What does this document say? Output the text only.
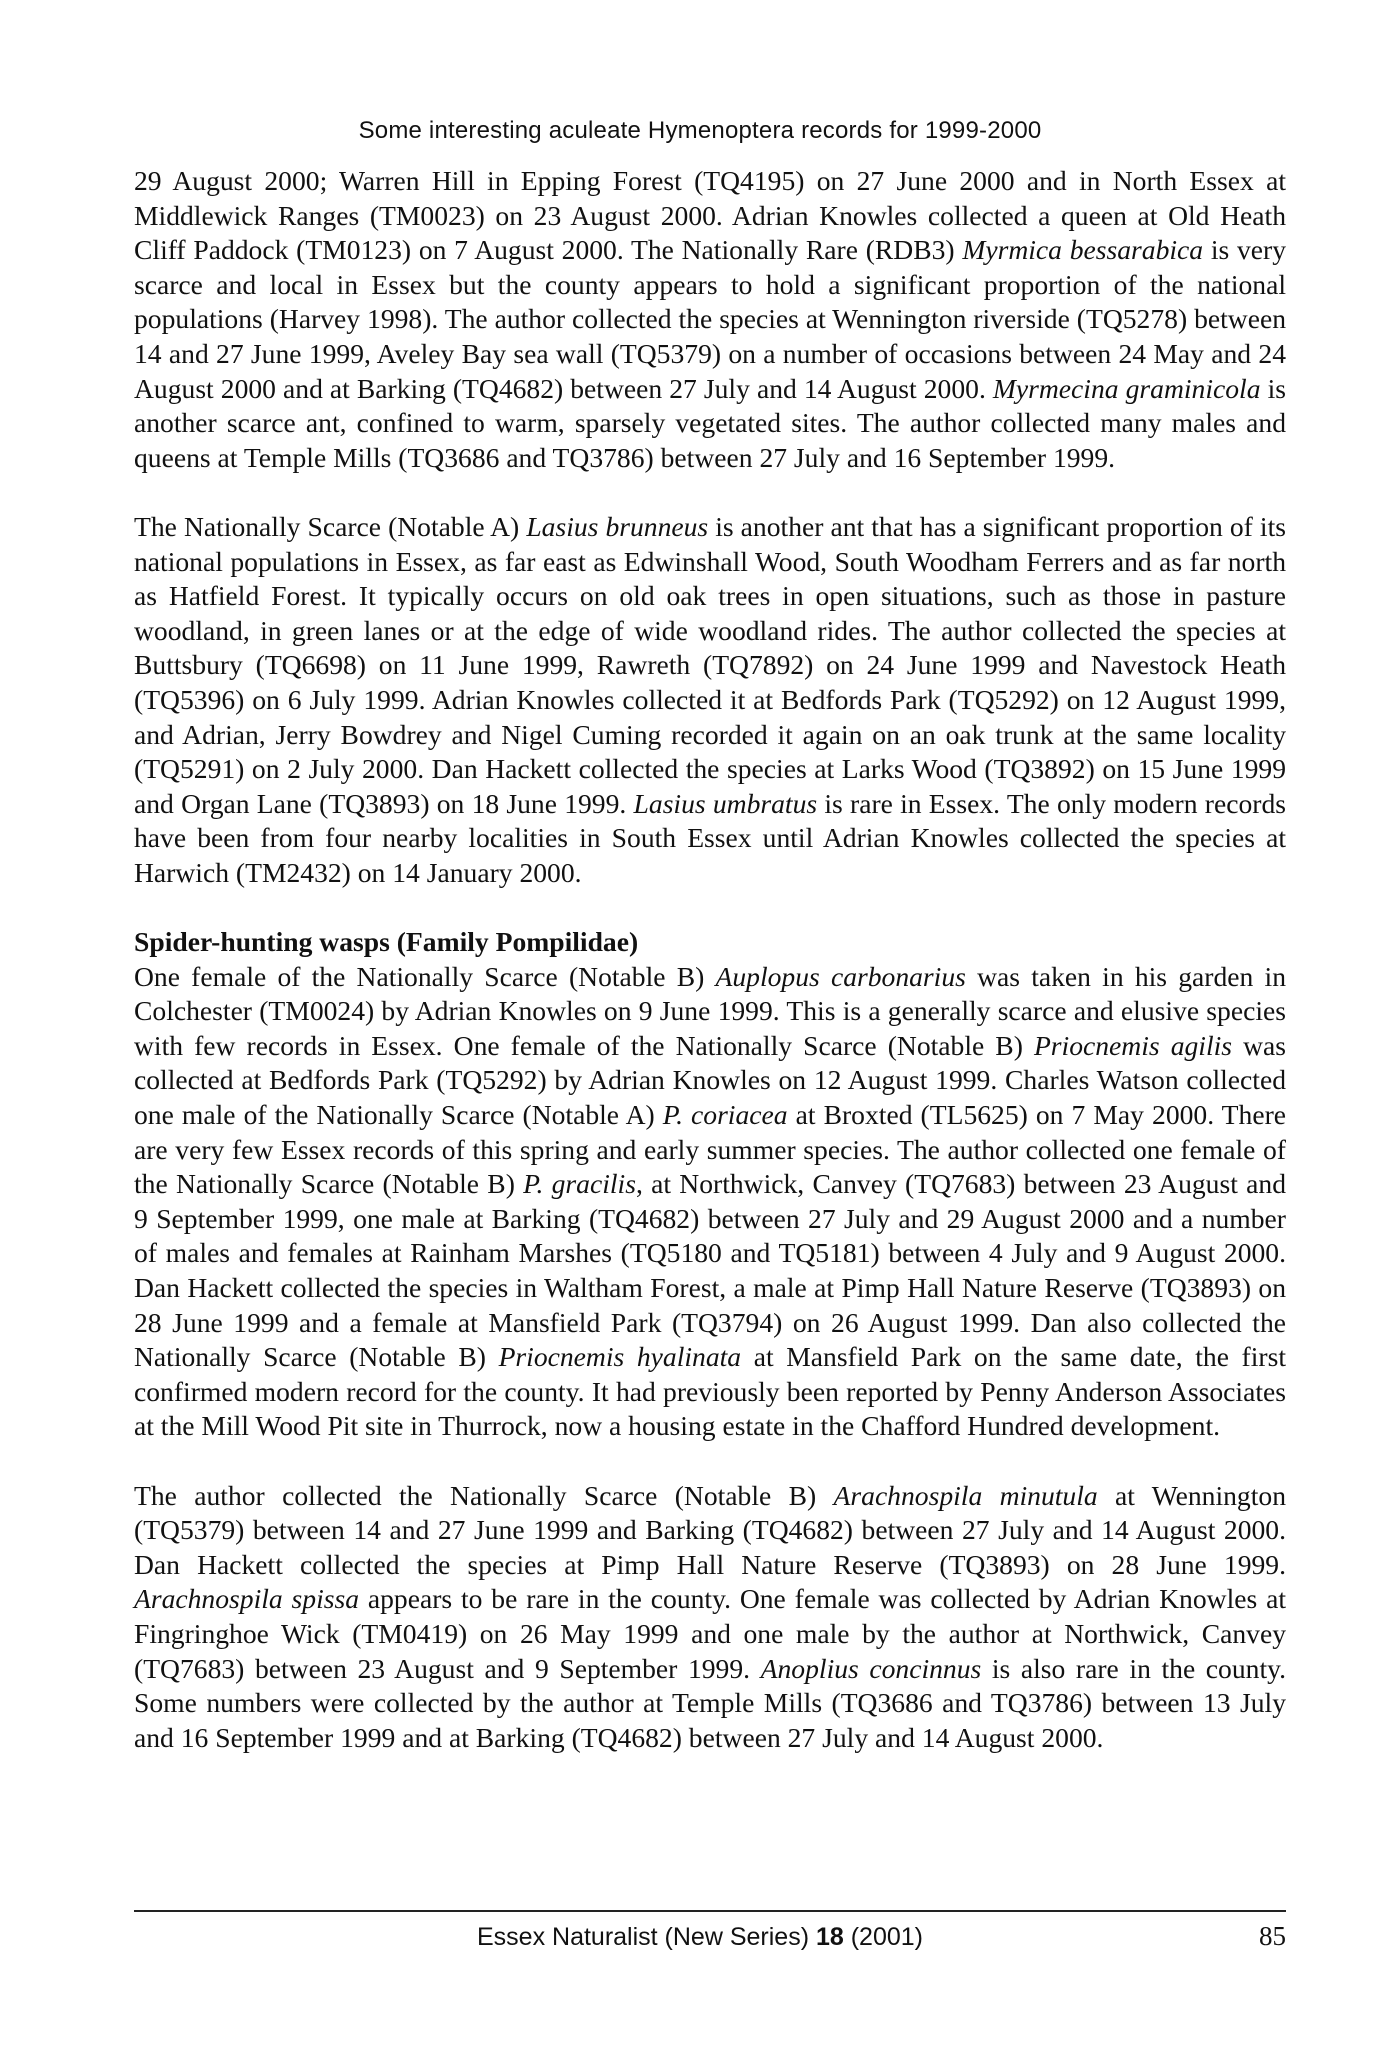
Some interesting aculeate Hymenoptera records for 1999-2000

29 August 2000; Warren Hill in Epping Forest (TQ4195) on 27 June 2000 and in North Essex at Middlewick Ranges (TM0023) on 23 August 2000. Adrian Knowles collected a queen at Old Heath Cliff Paddock (TM0123) on 7 August 2000. The Nationally Rare (RDB3) Myrmica bessarabica is very scarce and local in Essex but the county appears to hold a significant proportion of the national populations (Harvey 1998). The author collected the species at Wennington riverside (TQ5278) between 14 and 27 June 1999, Aveley Bay sea wall (TQ5379) on a number of occasions between 24 May and 24 August 2000 and at Barking (TQ4682) between 27 July and 14 August 2000. Myrmecina graminicola is another scarce ant, confined to warm, sparsely vegetated sites. The author collected many males and queens at Temple Mills (TQ3686 and TQ3786) between 27 July and 16 September 1999.

The Nationally Scarce (Notable A) Lasius brunneus is another ant that has a significant proportion of its national populations in Essex, as far east as Edwinshall Wood, South Woodham Ferrers and as far north as Hatfield Forest. It typically occurs on old oak trees in open situations, such as those in pasture woodland, in green lanes or at the edge of wide woodland rides. The author collected the species at Buttsbury (TQ6698) on 11 June 1999, Rawreth (TQ7892) on 24 June 1999 and Navestock Heath (TQ5396) on 6 July 1999. Adrian Knowles collected it at Bedfords Park (TQ5292) on 12 August 1999, and Adrian, Jerry Bowdrey and Nigel Cuming recorded it again on an oak trunk at the same locality (TQ5291) on 2 July 2000. Dan Hackett collected the species at Larks Wood (TQ3892) on 15 June 1999 and Organ Lane (TQ3893) on 18 June 1999. Lasius umbratus is rare in Essex. The only modern records have been from four nearby localities in South Essex until Adrian Knowles collected the species at Harwich (TM2432) on 14 January 2000.

Spider-hunting wasps (Family Pompilidae)

One female of the Nationally Scarce (Notable B) Auplopus carbonarius was taken in his garden in Colchester (TM0024) by Adrian Knowles on 9 June 1999. This is a generally scarce and elusive species with few records in Essex. One female of the Nationally Scarce (Notable B) Priocnemis agilis was collected at Bedfords Park (TQ5292) by Adrian Knowles on 12 August 1999. Charles Watson collected one male of the Nationally Scarce (Notable A) P. coriacea at Broxted (TL5625) on 7 May 2000. There are very few Essex records of this spring and early summer species. The author collected one female of the Nationally Scarce (Notable B) P. gracilis, at Northwick, Canvey (TQ7683) between 23 August and 9 September 1999, one male at Barking (TQ4682) between 27 July and 29 August 2000 and a number of males and females at Rainham Marshes (TQ5180 and TQ5181) between 4 July and 9 August 2000. Dan Hackett collected the species in Waltham Forest, a male at Pimp Hall Nature Reserve (TQ3893) on 28 June 1999 and a female at Mansfield Park (TQ3794) on 26 August 1999. Dan also collected the Nationally Scarce (Notable B) Priocnemis hyalinata at Mansfield Park on the same date, the first confirmed modern record for the county. It had previously been reported by Penny Anderson Associates at the Mill Wood Pit site in Thurrock, now a housing estate in the Chafford Hundred development.

The author collected the Nationally Scarce (Notable B) Arachnospila minutula at Wennington (TQ5379) between 14 and 27 June 1999 and Barking (TQ4682) between 27 July and 14 August 2000. Dan Hackett collected the species at Pimp Hall Nature Reserve (TQ3893) on 28 June 1999. Arachnospila spissa appears to be rare in the county. One female was collected by Adrian Knowles at Fingringhoe Wick (TM0419) on 26 May 1999 and one male by the author at Northwick, Canvey (TQ7683) between 23 August and 9 September 1999. Anoplius concinnus is also rare in the county. Some numbers were collected by the author at Temple Mills (TQ3686 and TQ3786) between 13 July and 16 September 1999 and at Barking (TQ4682) between 27 July and 14 August 2000.

Essex Naturalist (New Series) 18 (2001)	85
